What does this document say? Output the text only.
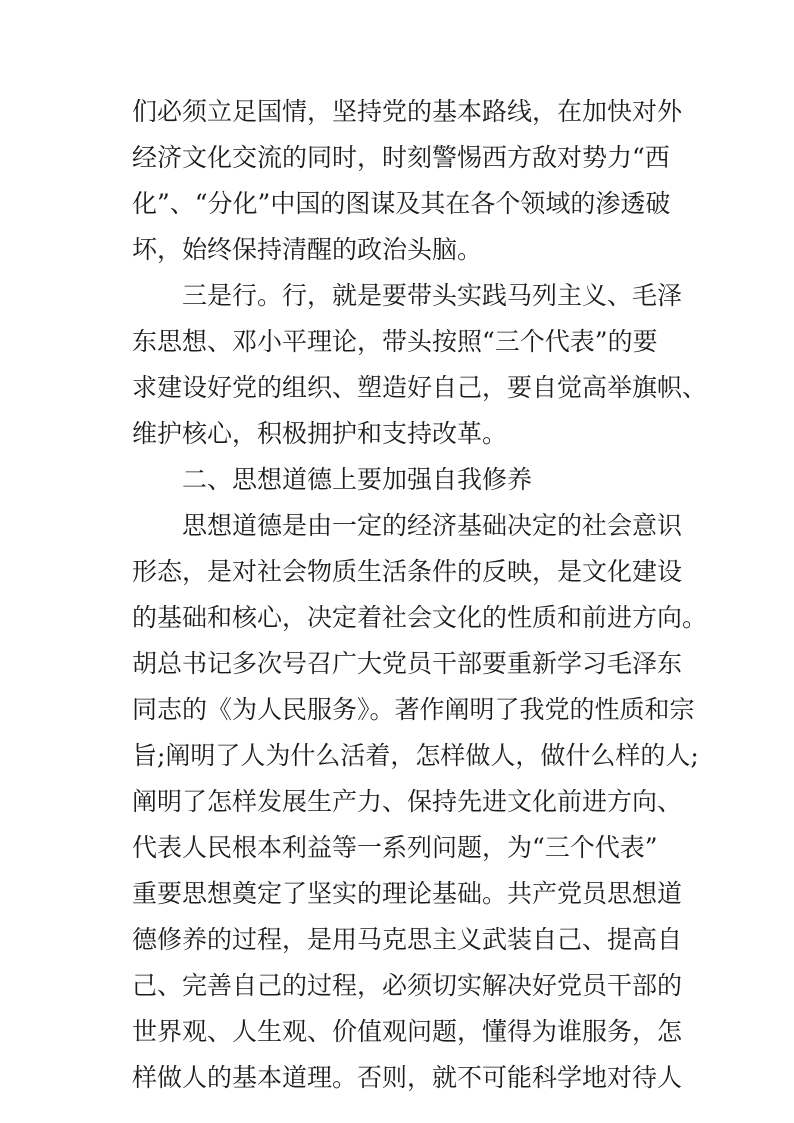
们必须立足国情，坚持党的基本路线，在加快对外
经济文化交流的同时，时刻警惕西方敌对势力“西
化”、“分化”中国的图谋及其在各个领域的渗透破
坏，始终保持清醒的政治头脑。
三是行。行，就是要带头实践马列主义、毛泽
东思想、邓小平理论，带头按照“三个代表”的要
求建设好党的组织、塑造好自己，要自觉高举旗帜、
维护核心，积极拥护和支持改革。
二、思想道德上要加强自我修养
思想道德是由一定的经济基础决定的社会意识
形态，是对社会物质生活条件的反映，是文化建设
的基础和核心，决定着社会文化的性质和前进方向。
胡总书记多次号召广大党员干部要重新学习毛泽东
同志的《为人民服务》。著作阐明了我党的性质和宗
旨;阐明了人为什么活着，怎样做人，做什么样的人;
阐明了怎样发展生产力、保持先进文化前进方向、
代表人民根本利益等一系列问题，为“三个代表”
重要思想奠定了坚实的理论基础。共产党员思想道
德修养的过程，是用马克思主义武装自己、提高自
己、完善自己的过程，必须切实解决好党员干部的
世界观、人生观、价值观问题，懂得为谁服务，怎
样做人的基本道理。否则，就不可能科学地对待人
